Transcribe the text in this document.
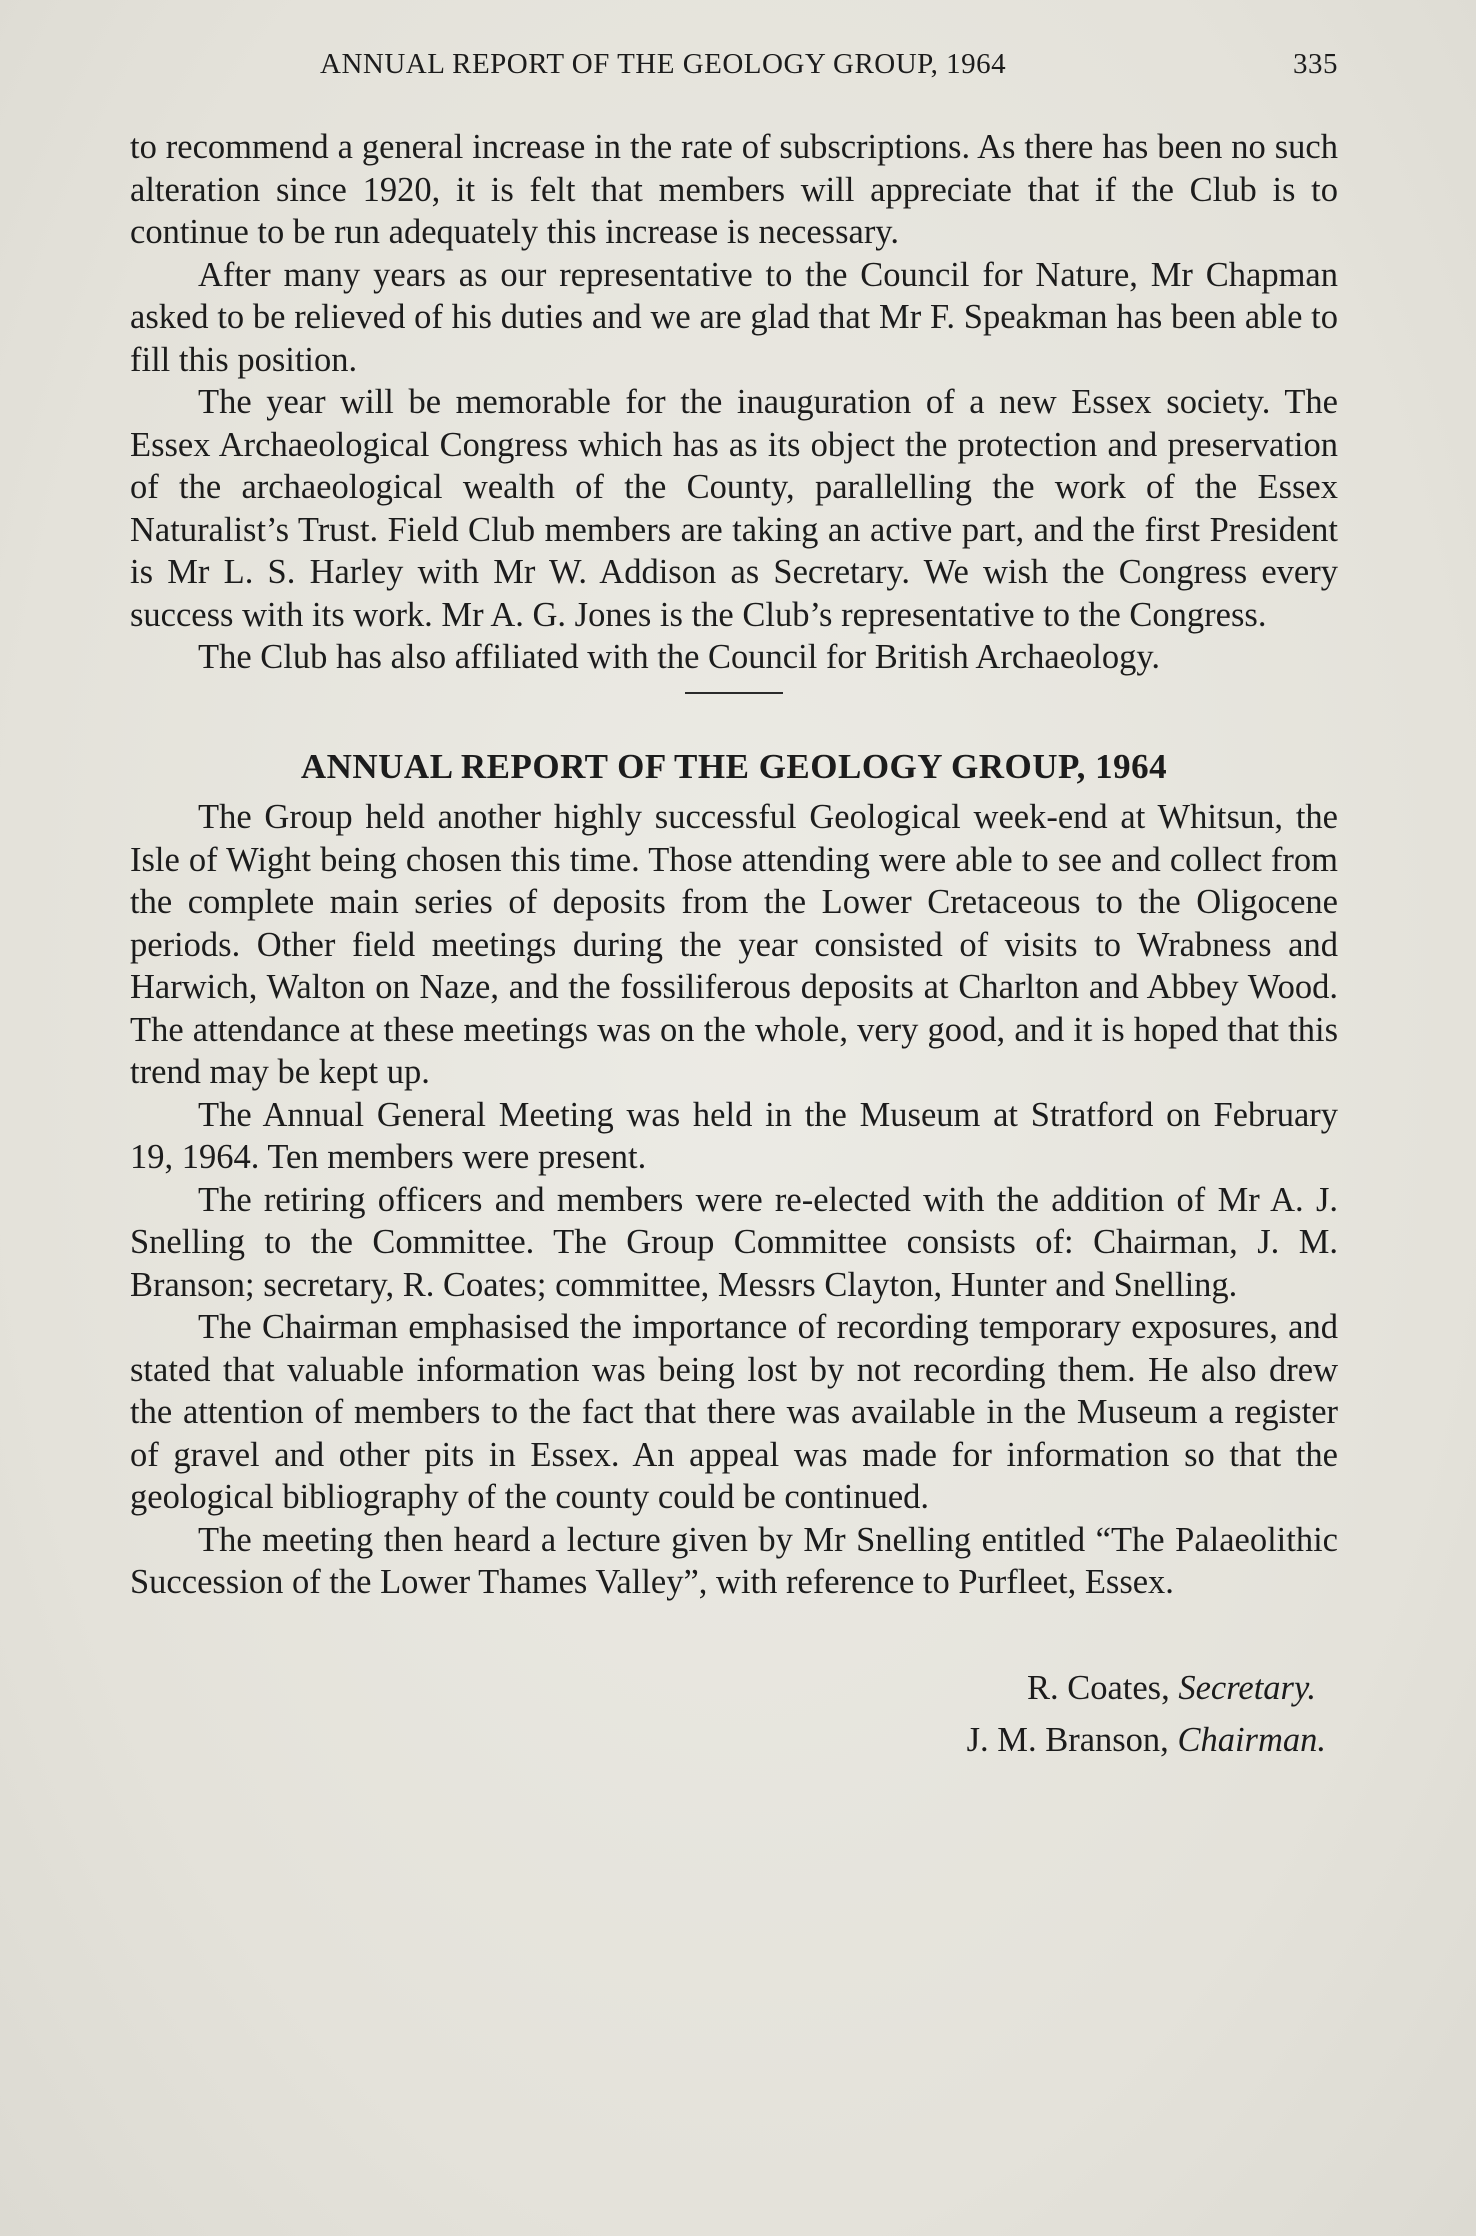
ANNUAL REPORT OF THE GEOLOGY GROUP, 1964	335

to recommend a general increase in the rate of subscriptions. As there has been no such alteration since 1920, it is felt that members will appreciate that if the Club is to continue to be run adequately this increase is necessary.

After many years as our representative to the Council for Nature, Mr Chapman asked to be relieved of his duties and we are glad that Mr F. Speakman has been able to fill this position.

The year will be memorable for the inauguration of a new Essex society. The Essex Archaeological Congress which has as its object the protection and preservation of the archaeological wealth of the County, parallelling the work of the Essex Naturalist’s Trust. Field Club members are taking an active part, and the first President is Mr L. S. Harley with Mr W. Addison as Secretary. We wish the Congress every success with its work. Mr A. G. Jones is the Club’s representative to the Congress.

The Club has also affiliated with the Council for British Archaeology.

ANNUAL REPORT OF THE GEOLOGY GROUP, 1964

The Group held another highly successful Geological week-end at Whitsun, the Isle of Wight being chosen this time. Those attending were able to see and collect from the complete main series of deposits from the Lower Cretaceous to the Oligocene periods. Other field meetings during the year consisted of visits to Wrabness and Harwich, Walton on Naze, and the fossiliferous deposits at Charlton and Abbey Wood. The attendance at these meetings was on the whole, very good, and it is hoped that this trend may be kept up.

The Annual General Meeting was held in the Museum at Stratford on February 19, 1964. Ten members were present.

The retiring officers and members were re-elected with the addition of Mr A. J. Snelling to the Committee. The Group Committee consists of: Chairman, J. M. Branson; secretary, R. Coates; committee, Messrs Clayton, Hunter and Snelling.

The Chairman emphasised the importance of recording temporary exposures, and stated that valuable information was being lost by not recording them. He also drew the attention of members to the fact that there was available in the Museum a register of gravel and other pits in Essex. An appeal was made for information so that the geological bibliography of the county could be continued.

The meeting then heard a lecture given by Mr Snelling entitled “The Palaeolithic Succession of the Lower Thames Valley”, with reference to Purfleet, Essex.

R. Coates, Secretary.

J. M. Branson, Chairman.
